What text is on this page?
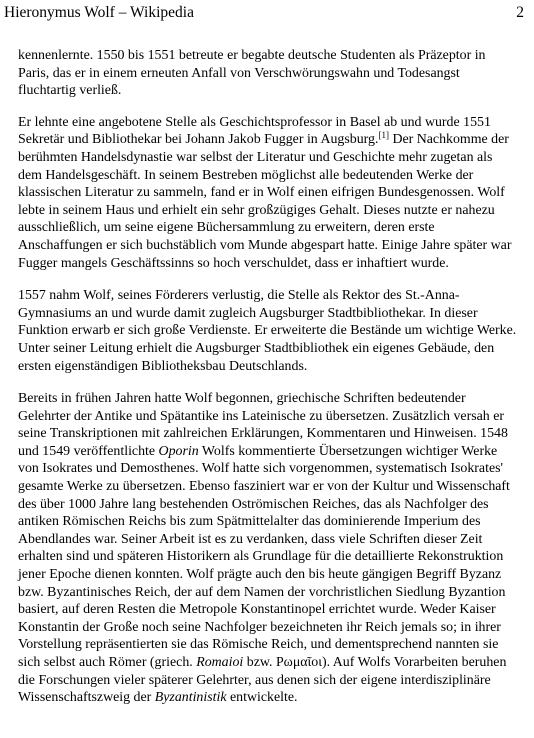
Hieronymus Wolf – Wikipedia	2

kennenlernte. 1550 bis 1551 betreute er begabte deutsche Studenten als Präzeptor in Paris, das er in einem erneuten Anfall von Verschwörungswahn und Todesangst fluchtartig verließ.

Er lehnte eine angebotene Stelle als Geschichtsprofessor in Basel ab und wurde 1551 Sekretär und Bibliothekar bei Johann Jakob Fugger in Augsburg.[1] Der Nachkomme der berühmten Handelsdynastie war selbst der Literatur und Geschichte mehr zugetan als dem Handelsgeschäft. In seinem Bestreben möglichst alle bedeutenden Werke der klassischen Literatur zu sammeln, fand er in Wolf einen eifrigen Bundesgenossen. Wolf lebte in seinem Haus und erhielt ein sehr großzügiges Gehalt. Dieses nutzte er nahezu ausschließlich, um seine eigene Büchersammlung zu erweitern, deren erste Anschaffungen er sich buchstäblich vom Munde abgespart hatte. Einige Jahre später war Fugger mangels Geschäftssinns so hoch verschuldet, dass er inhaftiert wurde.

1557 nahm Wolf, seines Förderers verlustig, die Stelle als Rektor des St.-Anna-Gymnasiums an und wurde damit zugleich Augsburger Stadtbibliothekar. In dieser Funktion erwarb er sich große Verdienste. Er erweiterte die Bestände um wichtige Werke. Unter seiner Leitung erhielt die Augsburger Stadtbibliothek ein eigenes Gebäude, den ersten eigenständigen Bibliotheksbau Deutschlands.

Bereits in frühen Jahren hatte Wolf begonnen, griechische Schriften bedeutender Gelehrter der Antike und Spätantike ins Lateinische zu übersetzen. Zusätzlich versah er seine Transkriptionen mit zahlreichen Erklärungen, Kommentaren und Hinweisen. 1548 und 1549 veröffentlichte Oporin Wolfs kommentierte Übersetzungen wichtiger Werke von Isokrates und Demosthenes. Wolf hatte sich vorgenommen, systematisch Isokrates' gesamte Werke zu übersetzen. Ebenso fasziniert war er von der Kultur und Wissenschaft des über 1000 Jahre lang bestehenden Oströmischen Reiches, das als Nachfolger des antiken Römischen Reichs bis zum Spätmittelalter das dominierende Imperium des Abendlandes war. Seiner Arbeit ist es zu verdanken, dass viele Schriften dieser Zeit erhalten sind und späteren Historikern als Grundlage für die detaillierte Rekonstruktion jener Epoche dienen konnten. Wolf prägte auch den bis heute gängigen Begriff Byzanz bzw. Byzantinisches Reich, der auf dem Namen der vorchristlichen Siedlung Byzantion basiert, auf deren Resten die Metropole Konstantinopel errichtet wurde. Weder Kaiser Konstantin der Große noch seine Nachfolger bezeichneten ihr Reich jemals so; in ihrer Vorstellung repräsentierten sie das Römische Reich, und dementsprechend nannten sie sich selbst auch Römer (griech. Romaioi bzw. Ρωμαῖοι). Auf Wolfs Vorarbeiten beruhen die Forschungen vieler späterer Gelehrter, aus denen sich der eigene interdisziplinäre Wissenschaftszweig der Byzantinistik entwickelte.
